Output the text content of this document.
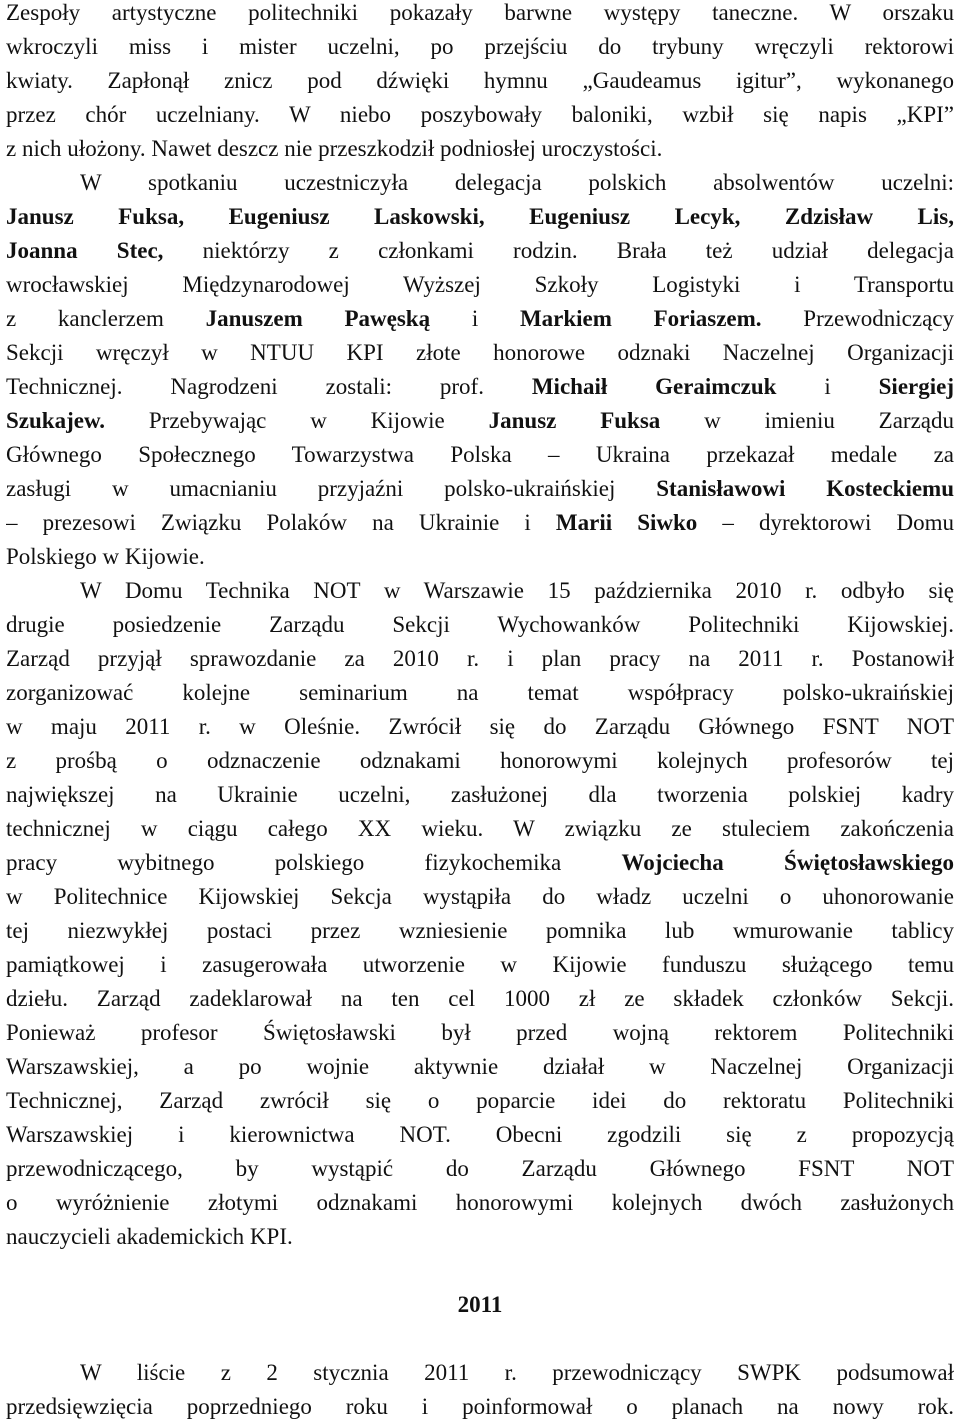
Zespoły artystyczne politechniki pokazały barwne występy taneczne. W orszaku
wkroczyli miss i mister uczelni, po przejściu do trybuny wręczyli rektorowi
kwiaty. Zapłonął znicz pod dźwięki hymnu „Gaudeamus igitur”, wykonanego
przez chór uczelniany. W niebo poszybowały baloniki, wzbił się napis „KPI”
z nich ułożony. Nawet deszcz nie przeszkodził podniosłej uroczystości.

W spotkaniu uczestniczyła delegacja polskich absolwentów uczelni:
Janusz Fuksa, Eugeniusz Laskowski, Eugeniusz Lecyk, Zdzisław Lis,
Joanna Stec, niektórzy z członkami rodzin. Brała też udział delegacja
wrocławskiej Międzynarodowej Wyższej Szkoły Logistyki i Transportu
z kanclerzem Januszem Pawęską i Markiem Foriaszem. Przewodniczący
Sekcji wręczył w NTUU KPI złote honorowe odznaki Naczelnej Organizacji
Technicznej. Nagrodzeni zostali: prof. Michaił Geraimczuk i Siergiej
Szukajew. Przebywając w Kijowie Janusz Fuksa w imieniu Zarządu
Głównego Społecznego Towarzystwa Polska – Ukraina przekazał medale za
zasługi w umacnianiu przyjaźni polsko-ukraińskiej Stanisławowi Kosteckiemu
– prezesowi Związku Polaków na Ukrainie i Marii Siwko – dyrektorowi Domu
Polskiego w Kijowie.

W Domu Technika NOT w Warszawie 15 października 2010 r. odbyło się
drugie posiedzenie Zarządu Sekcji Wychowanków Politechniki Kijowskiej.
Zarząd przyjął sprawozdanie za 2010 r. i plan pracy na 2011 r. Postanowił
zorganizować kolejne seminarium na temat współpracy polsko-ukraińskiej
w maju 2011 r. w Oleśnie. Zwrócił się do Zarządu Głównego FSNT NOT
z prośbą o odznaczenie odznakami honorowymi kolejnych profesorów tej
największej na Ukrainie uczelni, zasłużonej dla tworzenia polskiej kadry
technicznej w ciągu całego XX wieku. W związku ze stuleciem zakończenia
pracy wybitnego polskiego fizykochemika Wojciecha Świętosławskiego
w Politechnice Kijowskiej Sekcja wystąpiła do władz uczelni o uhonorowanie
tej niezwykłej postaci przez wzniesienie pomnika lub wmurowanie tablicy
pamiątkowej i zasugerowała utworzenie w Kijowie funduszu służącego temu
dziełu. Zarząd zadeklarował na ten cel 1000 zł ze składek członków Sekcji.
Ponieważ profesor Świętosławski był przed wojną rektorem Politechniki
Warszawskiej, a po wojnie aktywnie działał w Naczelnej Organizacji
Technicznej, Zarząd zwrócił się o poparcie idei do rektoratu Politechniki
Warszawskiej i kierownictwa NOT. Obecni zgodzili się z propozycją
przewodniczącego, by wystąpić do Zarządu Głównego FSNT NOT
o wyróżnienie złotymi odznakami honorowymi kolejnych dwóch zasłużonych
nauczycieli akademickich KPI.

2011

W liście z 2 stycznia 2011 r. przewodniczący SWPK podsumował
przedsięwzięcia poprzedniego roku i poinformował o planach na nowy rok.
